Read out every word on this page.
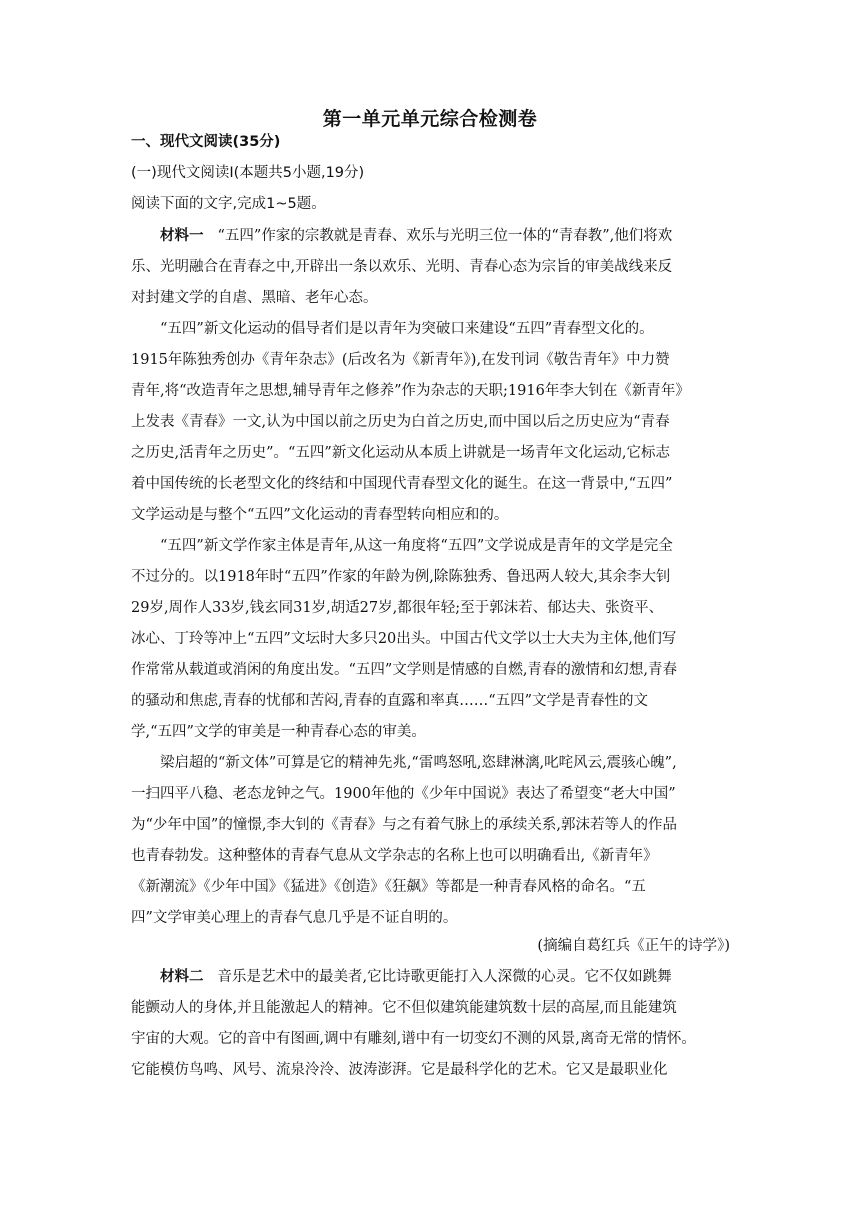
第一单元单元综合检测卷
一、现代文阅读(35分)
(一)现代文阅读Ⅰ(本题共5小题,19分)
阅读下面的文字,完成1~5题。
材料一 “五四”作家的宗教就是青春、欢乐与光明三位一体的“青春教”,他们将欢
乐、光明融合在青春之中,开辟出一条以欢乐、光明、青春心态为宗旨的审美战线来反
对封建文学的自虐、黑暗、老年心态。
“五四”新文化运动的倡导者们是以青年为突破口来建设“五四”青春型文化的。
1915年陈独秀创办《青年杂志》(后改名为《新青年》),在发刊词《敬告青年》中力赞
青年,将“改造青年之思想,辅导青年之修养”作为杂志的天职;1916年李大钊在《新青年》
上发表《青春》一文,认为中国以前之历史为白首之历史,而中国以后之历史应为“青春
之历史,活青年之历史”。“五四”新文化运动从本质上讲就是一场青年文化运动,它标志
着中国传统的长老型文化的终结和中国现代青春型文化的诞生。在这一背景中,“五四”
文学运动是与整个“五四”文化运动的青春型转向相应和的。
“五四”新文学作家主体是青年,从这一角度将“五四”文学说成是青年的文学是完全
不过分的。以1918年时“五四”作家的年龄为例,除陈独秀、鲁迅两人较大,其余李大钊
29岁,周作人33岁,钱玄同31岁,胡适27岁,都很年轻;至于郭沫若、郁达夫、张资平、
冰心、丁玲等冲上“五四”文坛时大多只20出头。中国古代文学以士大夫为主体,他们写
作常常从载道或消闲的角度出发。“五四”文学则是情感的自燃,青春的激情和幻想,青春
的骚动和焦虑,青春的忧郁和苦闷,青春的直露和率真……“五四”文学是青春性的文
学,“五四”文学的审美是一种青春心态的审美。
梁启超的“新文体”可算是它的精神先兆,“雷鸣怒吼,恣肆淋漓,叱咤风云,震骇心魄”,
一扫四平八稳、老态龙钟之气。1900年他的《少年中国说》表达了希望变“老大中国”
为“少年中国”的憧憬,李大钊的《青春》与之有着气脉上的承续关系,郭沫若等人的作品
也青春勃发。这种整体的青春气息从文学杂志的名称上也可以明确看出,《新青年》
《新潮流》《少年中国》《猛进》《创造》《狂飙》等都是一种青春风格的命名。“五
四”文学审美心理上的青春气息几乎是不证自明的。
(摘编自葛红兵《正午的诗学》)
材料二 音乐是艺术中的最美者,它比诗歌更能打入人深微的心灵。它不仅如跳舞
能颤动人的身体,并且能激起人的精神。它不但似建筑能建筑数十层的高屋,而且能建筑
宇宙的大观。它的音中有图画,调中有雕刻,谱中有一切变幻不测的风景,离奇无常的情怀。
它能模仿鸟鸣、风号、流泉泠泠、波涛澎湃。它是最科学化的艺术。它又是最职业化
